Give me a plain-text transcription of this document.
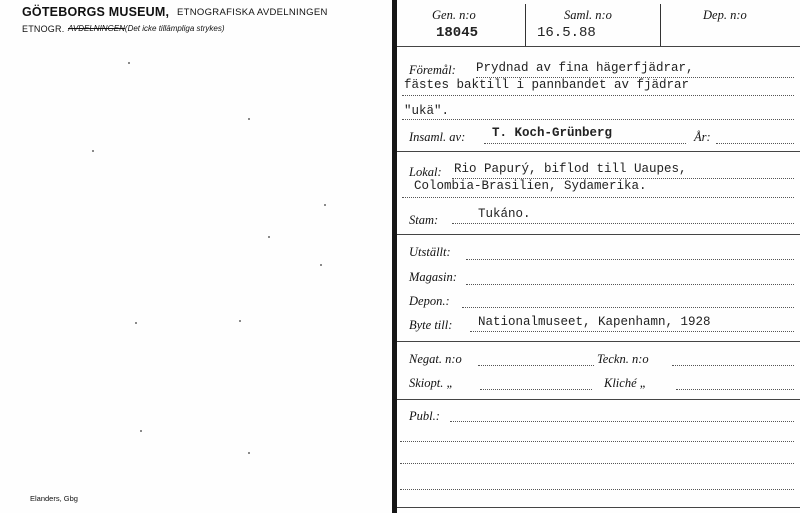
GÖTEBORGS MUSEUM, ETNOGRAFISKA AVDELNINGEN
ETNOGR. AVDELNINGEN(Det icke tillämpliga strykes)
Elanders, Gbg
Gen. n:o
18045
Saml. n:o
16.5.88
Dep. n:o
Föremål: Prydnad av fina hägerfjädrar,
fästes baktill i pannbandet av fjädrar
"ukä".
Insaml. av: T. Koch-Grünberg	År:
Lokal: Rio Papurý, biflod till Uaupes,
Colombia-Brasilien, Sydamerika.
Stam:	Tukáno.
Utställt:
Magasin:
Depon.:
Byte till: Nationalmuseet, Kapenhamn, 1928
Negat. n:o	Teckn. n:o
Skiopt. „	Kliché „
Publ.:
